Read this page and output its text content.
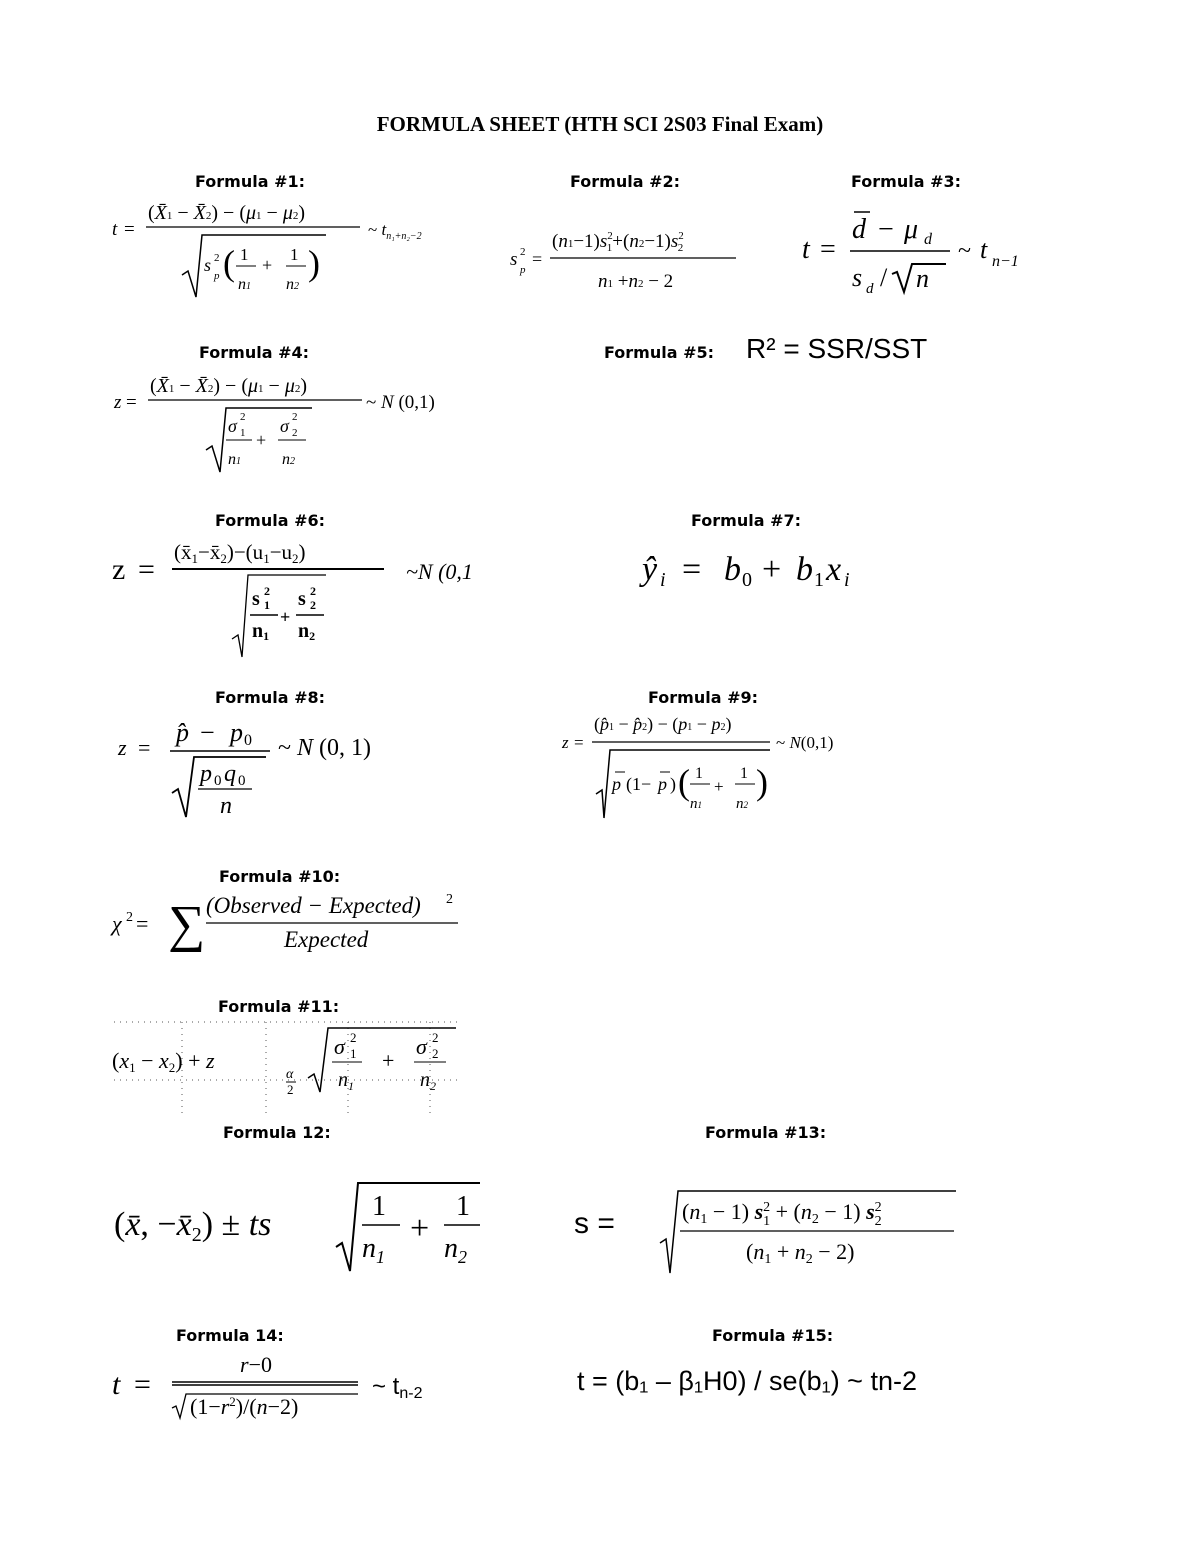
FORMULA SHEET (HTH SCI 2S03 Final Exam)
Formula #1:	Formula #2:	Formula #3:
Formula #4:	Formula #5:
Formula #6:	Formula #7:
Formula #8:	Formula #9:
Formula #10:
Formula #11:
Formula 12:	Formula #13:
Formula 14:	Formula #15:
R² = SSR/SST
t = (b₁ – β₁H0) / se(b₁) ~ tn-2
t =
(X̄1 − X̄2) − (μ1 − μ2)
s 2
p ( 1
n1
+
1
n2
)
~ $t_{n_1+n_2-2}$
s 2
p
=
$(n1-1)s^2$ $1+(n2-1)s^2$ 2
n1 +n2 − 2
t =
d − μ d
s d / n
~ t n−1
z =
(X̄1 − X̄2) − (μ1 − μ2)
σ 2
1
n1
+
σ 2
2
n2
~ N (0,1)
z =
(x̄1−x̄2)−(u1−u2)
s 2
1
n1
+
s 2
2
n2
~N (0,1	ŷ i = b 0 + b 1 x i
z =
p̂ − p 0
p 0 q 0
n
~ N (0, 1)	z =
(p̂1 − p̂2) − (p1 − p2)
p (1− p ) ( 1
n1
+
1
n2
)
~ N(0,1)
χ 2 = ∑ (Observed − Expected) 2
Expected
(x1 − x2) + z
α
2
σ 2
1
$n_1$
+
σ 2
2
$n_2$
(x̄, −x̄2) ± ts	1
$n_1$
+
1
$n_2$
s =	(n1 − 1) $s^2$ 1 + (n2 − 1) $s^2$ 2
(n1 + n2 − 2)
t =
r−0
$(1-r^2)/(n-2)$
~ tn-2
